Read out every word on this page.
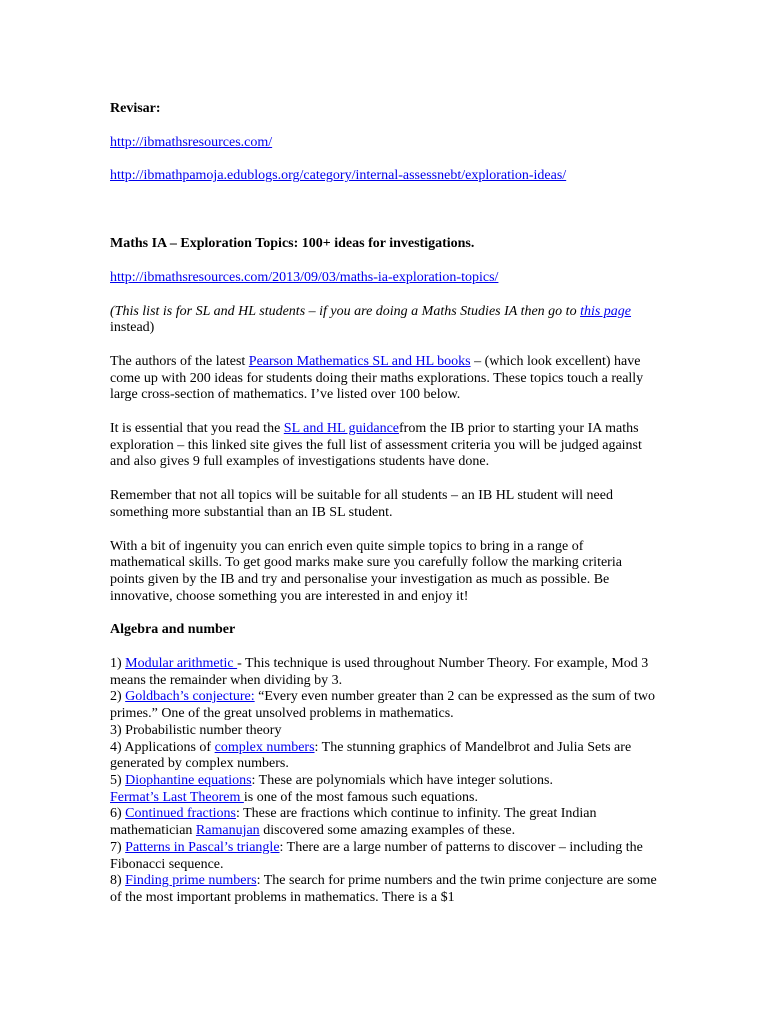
Revisar:

http://ibmathsresources.com/

http://ibmathpamoja.edublogs.org/category/internal-assessnebt/exploration-ideas/

Maths IA – Exploration Topics: 100+ ideas for investigations.

http://ibmathsresources.com/2013/09/03/maths-ia-exploration-topics/

(This list is for SL and HL students – if you are doing a Maths Studies IA then go to this page instead)

The authors of the latest Pearson Mathematics SL and HL books – (which look excellent) have come up with 200 ideas for students doing their maths explorations. These topics touch a really large cross-section of mathematics. I’ve listed over 100 below.

It is essential that you read the SL and HL guidancefrom the IB prior to starting your IA maths exploration – this linked site gives the full list of assessment criteria you will be judged against and also gives 9 full examples of investigations students have done.

Remember that not all topics will be suitable for all students – an IB HL student will need something more substantial than an IB SL student.

With a bit of ingenuity you can enrich even quite simple topics to bring in a range of mathematical skills. To get good marks make sure you carefully follow the marking criteria points given by the IB and try and personalise your investigation as much as possible. Be innovative, choose something you are interested in and enjoy it!

Algebra and number

1) Modular arithmetic - This technique is used throughout Number Theory. For example, Mod 3 means the remainder when dividing by 3.

2) Goldbach’s conjecture: “Every even number greater than 2 can be expressed as the sum of two primes.” One of the great unsolved problems in mathematics.

3) Probabilistic number theory

4) Applications of complex numbers: The stunning graphics of Mandelbrot and Julia Sets are generated by complex numbers.

5) Diophantine equations: These are polynomials which have integer solutions.

Fermat’s Last Theorem is one of the most famous such equations.

6) Continued fractions: These are fractions which continue to infinity. The great Indian mathematician Ramanujan discovered some amazing examples of these.

7) Patterns in Pascal’s triangle: There are a large number of patterns to discover – including the Fibonacci sequence.

8) Finding prime numbers: The search for prime numbers and the twin prime conjecture are some of the most important problems in mathematics. There is a $1
